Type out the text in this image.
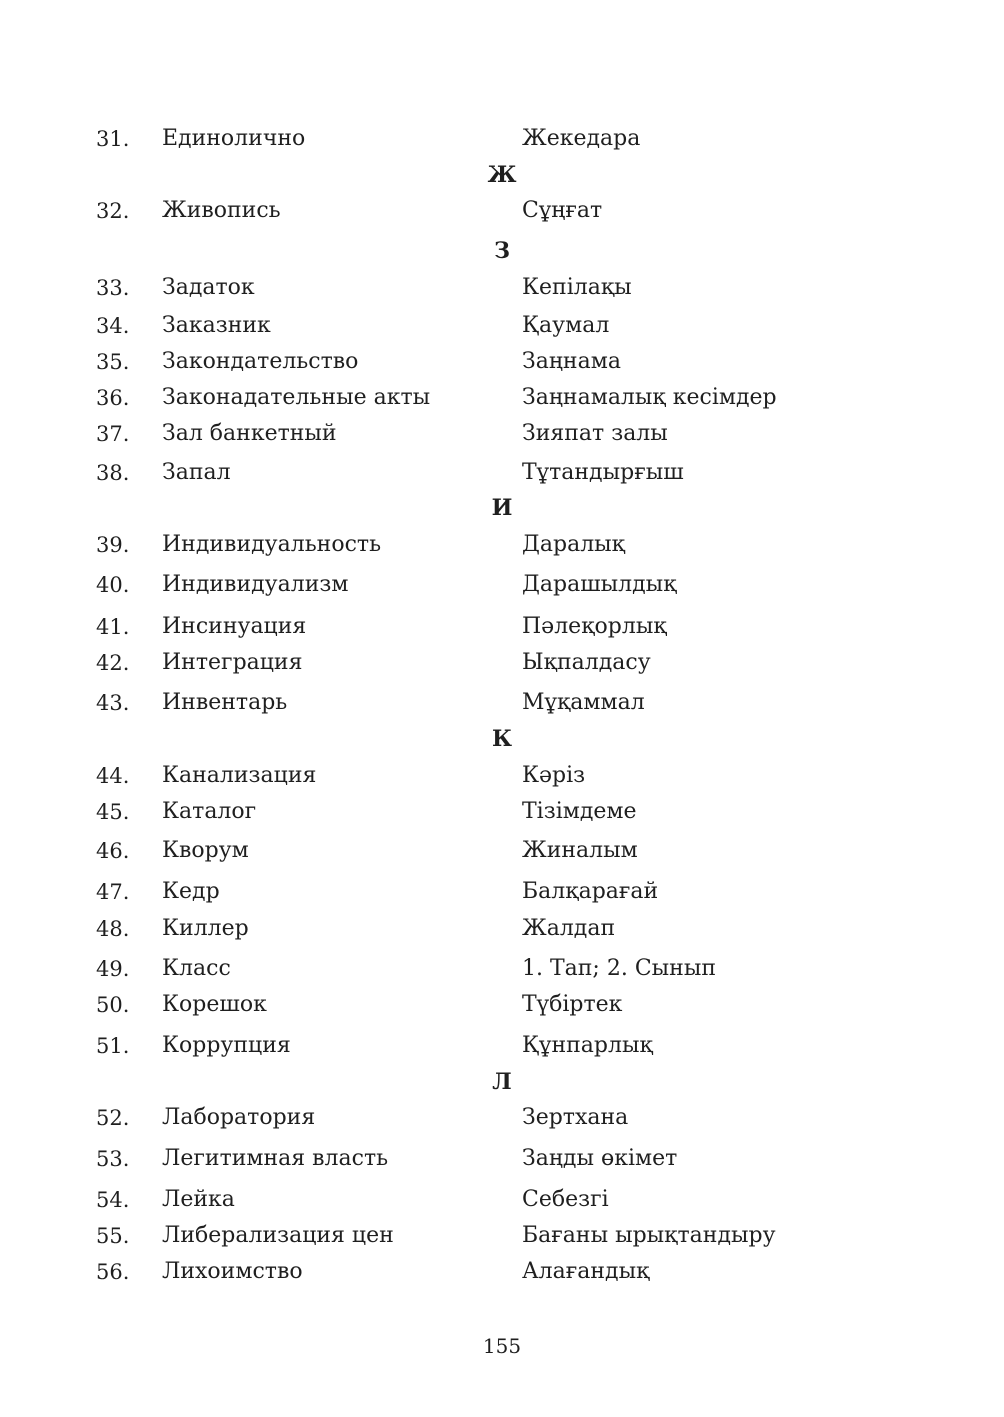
31. Единолично	Жекедара
Ж
32. Живопись	Сұңғат
З
33. Задаток	Кепілақы
34. Заказник	Қаумал
35. Закондательство	Заңнама
36. Законадательные акты	Заңнамалық кесімдер
37. Зал банкетный	Зияпат залы
38. Запал	Тұтандырғыш
И
39. Индивидуальность	Даралық
40. Индивидуализм	Дарашылдық
41. Инсинуация	Пәлеқорлық
42. Интеграция	Ықпалдасу
43. Инвентарь	Мұқаммал
К
44. Канализация	Кәріз
45. Каталог	Тізімдеме
46. Кворум	Жиналым
47. Кедр	Балқарағай
48. Киллер	Жалдап
49. Класс	1. Тап; 2. Сынып
50. Корешок	Түбіртек
51. Коррупция	Құнпарлық
Л
52. Лаборатория	Зертхана
53. Легитимная власть	Заңды өкімет
54. Лейка	Себезгі
55. Либерализация цен	Бағаны ырықтандыру
56. Лихоимство	Алағандық
155
